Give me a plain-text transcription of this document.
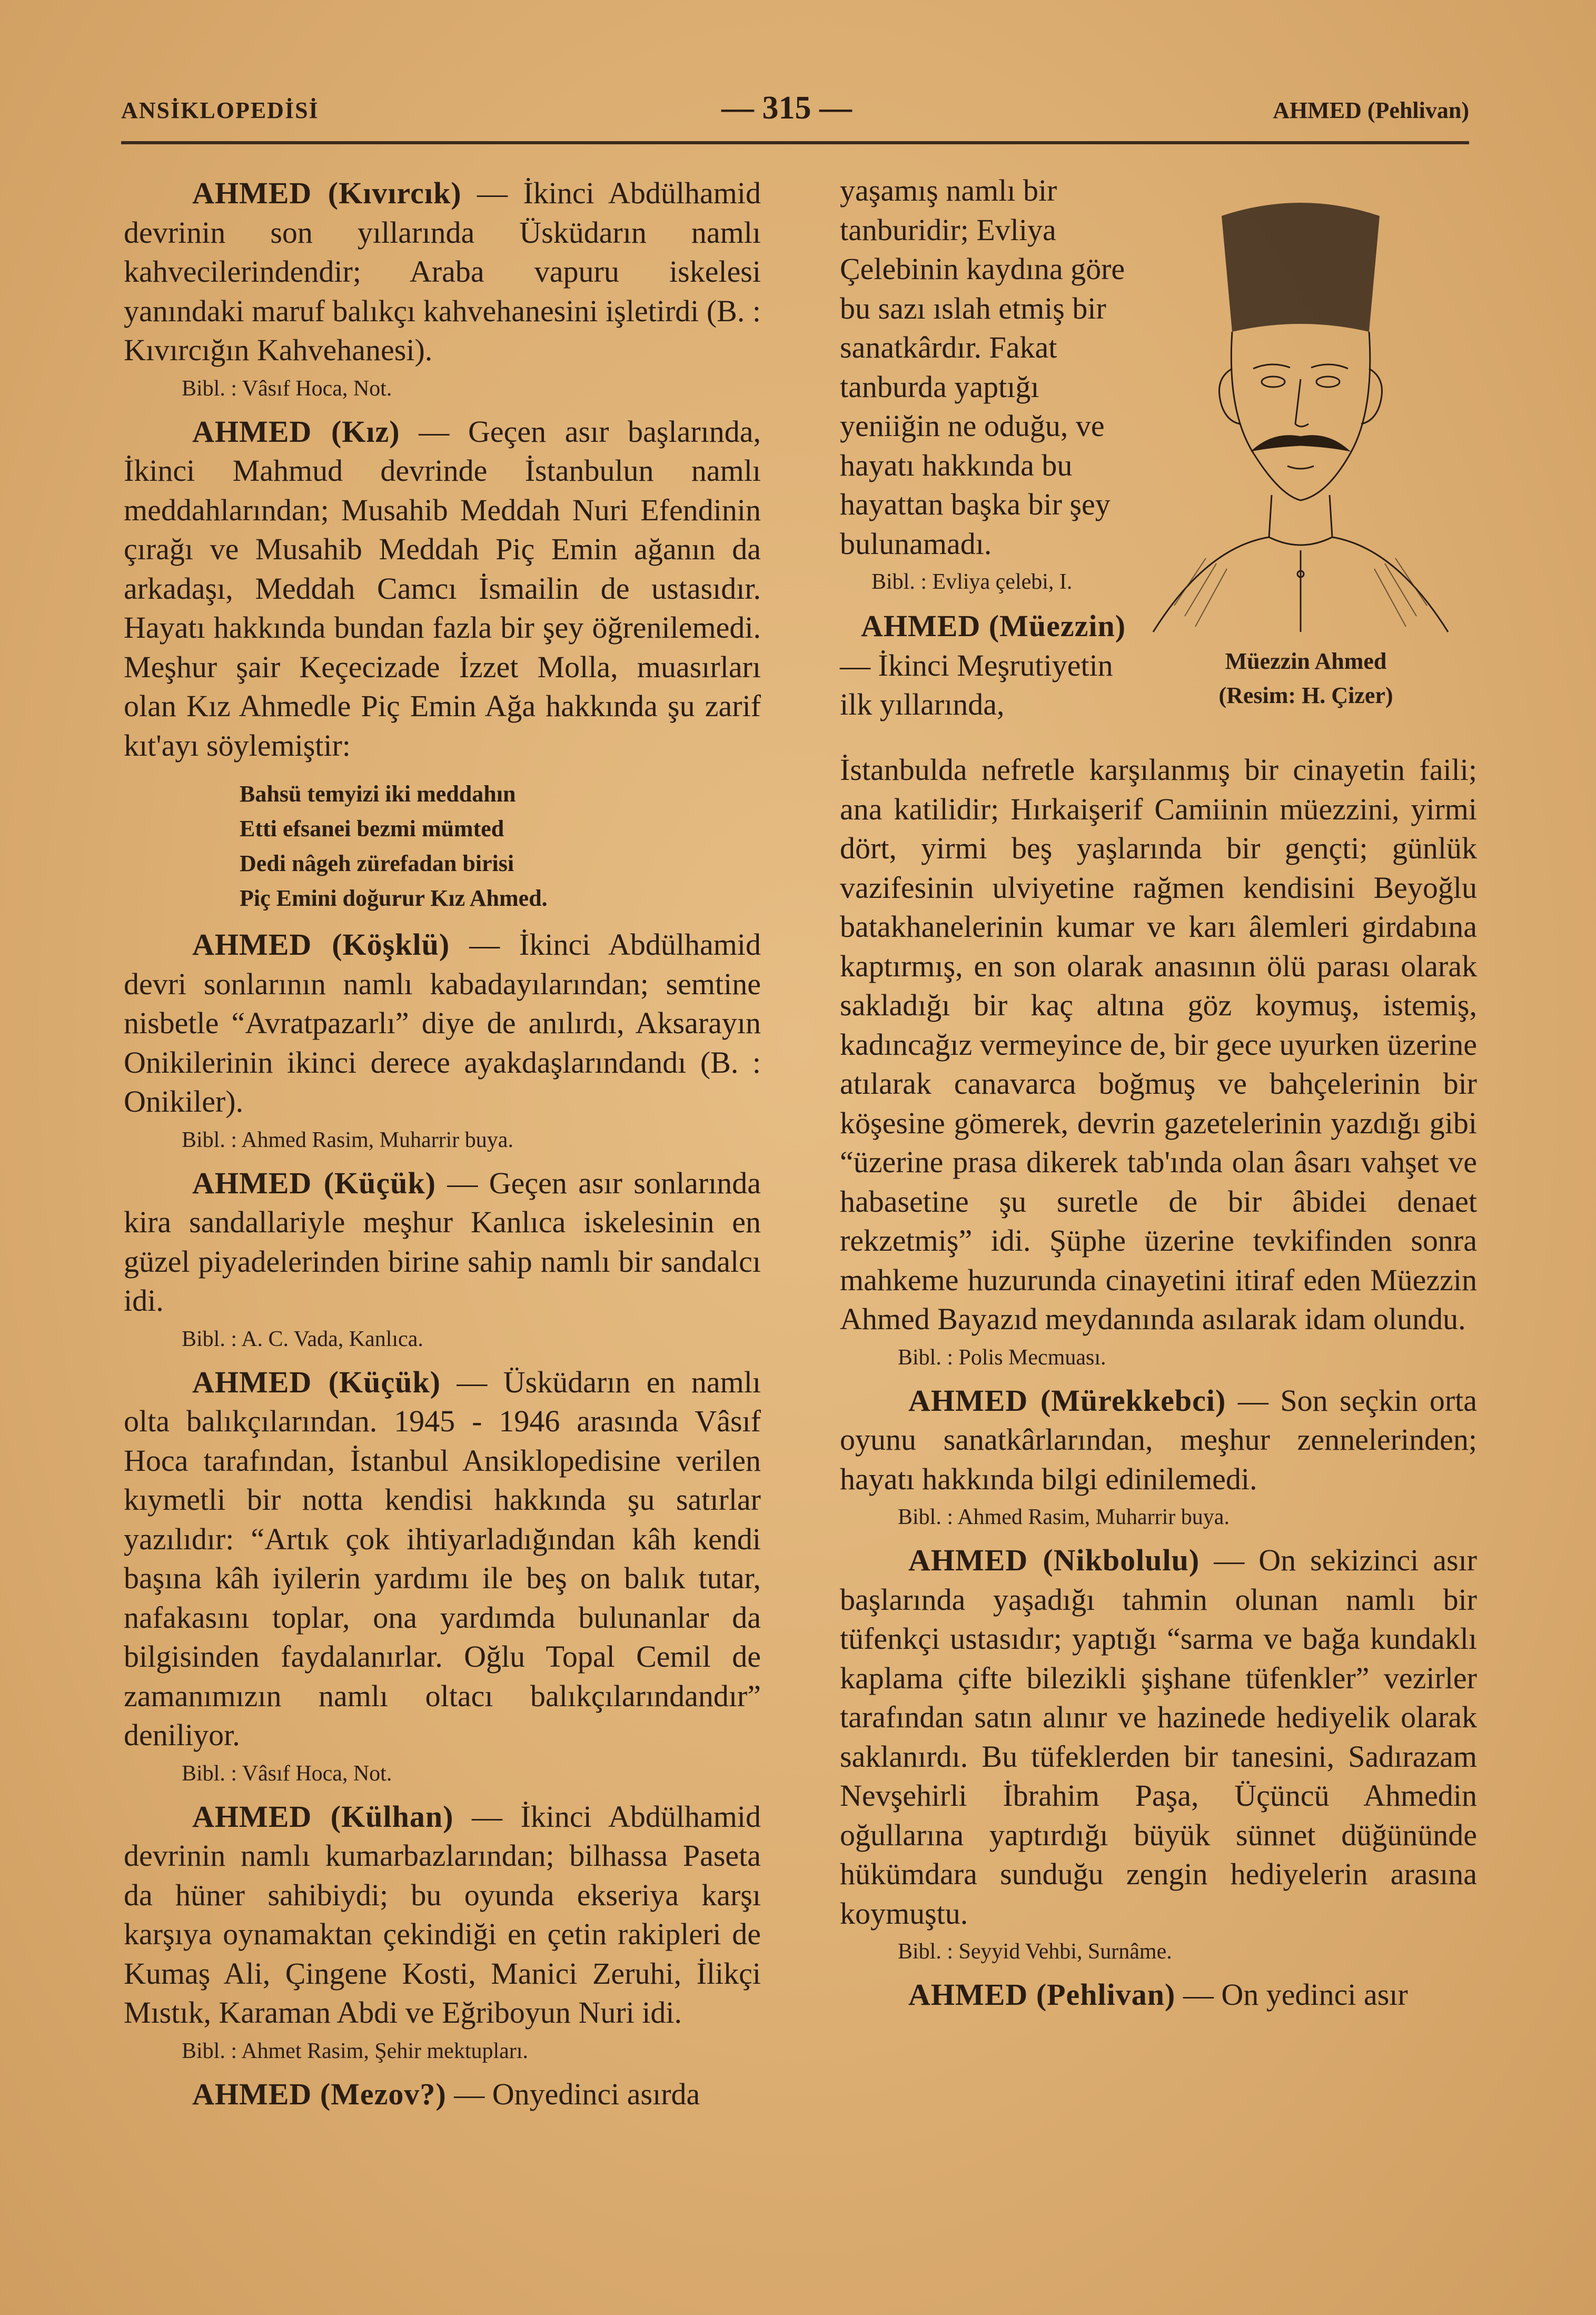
ANSİKLOPEDİSİ	— 315 —	AHMED (Pehlivan)

AHMED (Kıvırcık) — İkinci Abdülhamid devrinin son yıllarında Üsküdarın namlı kahvecilerindendir; Araba vapuru iskelesi yanındaki maruf balıkçı kahvehanesini işletirdi (B. : Kıvırcığın Kahvehanesi).

Bibl. : Vâsıf Hoca, Not.

AHMED (Kız) — Geçen asır başlarında, İkinci Mahmud devrinde İstanbulun namlı meddahlarından; Musahib Meddah Nuri Efendinin çırağı ve Musahib Meddah Piç Emin ağanın da arkadaşı, Meddah Camcı İsmailin de ustasıdır. Hayatı hakkında bundan fazla bir şey öğrenilemedi. Meşhur şair Keçecizade İzzet Molla, muasırları olan Kız Ahmedle Piç Emin Ağa hakkında şu zarif kıt'ayı söylemiştir:

Bahsü temyizi iki meddahın
Etti efsanei bezmi mümted
Dedi nâgeh zürefadan birisi
Piç Emini doğurur Kız Ahmed.

AHMED (Köşklü) — İkinci Abdülhamid devri sonlarının namlı kabadayılarından; semtine nisbetle “Avratpazarlı” diye de anılırdı, Aksarayın Onikilerinin ikinci derece ayakdaşlarındandı (B. : Onikiler).

Bibl. : Ahmed Rasim, Muharrir buya.

AHMED (Küçük) — Geçen asır sonlarında kira sandallariyle meşhur Kanlıca iskelesinin en güzel piyadelerinden birine sahip namlı bir sandalcı idi.

Bibl. : A. C. Vada, Kanlıca.

AHMED (Küçük) — Üsküdarın en namlı olta balıkçılarından. 1945 - 1946 arasında Vâsıf Hoca tarafından, İstanbul Ansiklopedisine verilen kıymetli bir notta kendisi hakkında şu satırlar yazılıdır: “Artık çok ihtiyarladığından kâh kendi başına kâh iyilerin yardımı ile beş on balık tutar, nafakasını toplar, ona yardımda bulunanlar da bilgisinden faydalanırlar. Oğlu Topal Cemil de zamanımızın namlı oltacı balıkçılarındandır” deniliyor.

Bibl. : Vâsıf Hoca, Not.

AHMED (Külhan) — İkinci Abdülhamid devrinin namlı kumarbazlarından; bilhassa Paseta da hüner sahibiydi; bu oyunda ekseriya karşı karşıya oynamaktan çekindiği en çetin rakipleri de Kumaş Ali, Çingene Kosti, Manici Zeruhi, İlikçi Mıstık, Karaman Abdi ve Eğriboyun Nuri idi.

Bibl. : Ahmet Rasim, Şehir mektupları.

AHMED (Mezov?) — Onyedinci asırda

yaşamış namlı bir tanburidir; Evliya Çelebinin kaydına göre bu sazı ıslah etmiş bir sanatkârdır. Fakat tanburda yaptığı yeniiğin ne oduğu, ve hayatı hakkında bu hayattan başka bir şey bulunamadı.

Bibl. : Evliya çelebi, I.

AHMED (Müezzin) — İkinci Meşrutiyetin ilk yıllarında,

Müezzin Ahmed
(Resim: H. Çizer)

İstanbulda nefretle karşılanmış bir cinayetin faili; ana katilidir; Hırkaişerif Camiinin müezzini, yirmi dört, yirmi beş yaşlarında bir gençti; günlük vazifesinin ulviyetine rağmen kendisini Beyoğlu batakhanelerinin kumar ve karı âlemleri girdabına kaptırmış, en son olarak anasının ölü parası olarak sakladığı bir kaç altına göz koymuş, istemiş, kadıncağız vermeyince de, bir gece uyurken üzerine atılarak canavarca boğmuş ve bahçelerinin bir köşesine gömerek, devrin gazetelerinin yazdığı gibi “üzerine prasa dikerek tab'ında olan âsarı vahşet ve habasetine şu suretle de bir âbidei denaet rekzetmiş” idi. Şüphe üzerine tevkifinden sonra mahkeme huzurunda cinayetini itiraf eden Müezzin Ahmed Bayazıd meydanında asılarak idam olundu.

Bibl. : Polis Mecmuası.

AHMED (Mürekkebci) — Son seçkin orta oyunu sanatkârlarından, meşhur zennelerinden; hayatı hakkında bilgi edinilemedi.

Bibl. : Ahmed Rasim, Muharrir buya.

AHMED (Nikbolulu) — On sekizinci asır başlarında yaşadığı tahmin olunan namlı bir tüfenkçi ustasıdır; yaptığı “sarma ve bağa kundaklı kaplama çifte bilezikli şişhane tüfenkler” vezirler tarafından satın alınır ve hazinede hediyelik olarak saklanırdı. Bu tüfeklerden bir tanesini, Sadırazam Nevşehirli İbrahim Paşa, Üçüncü Ahmedin oğullarına yaptırdığı büyük sünnet düğününde hükümdara sunduğu zengin hediyelerin arasına koymuştu.

Bibl. : Seyyid Vehbi, Surnâme.

AHMED (Pehlivan) — On yedinci asır
